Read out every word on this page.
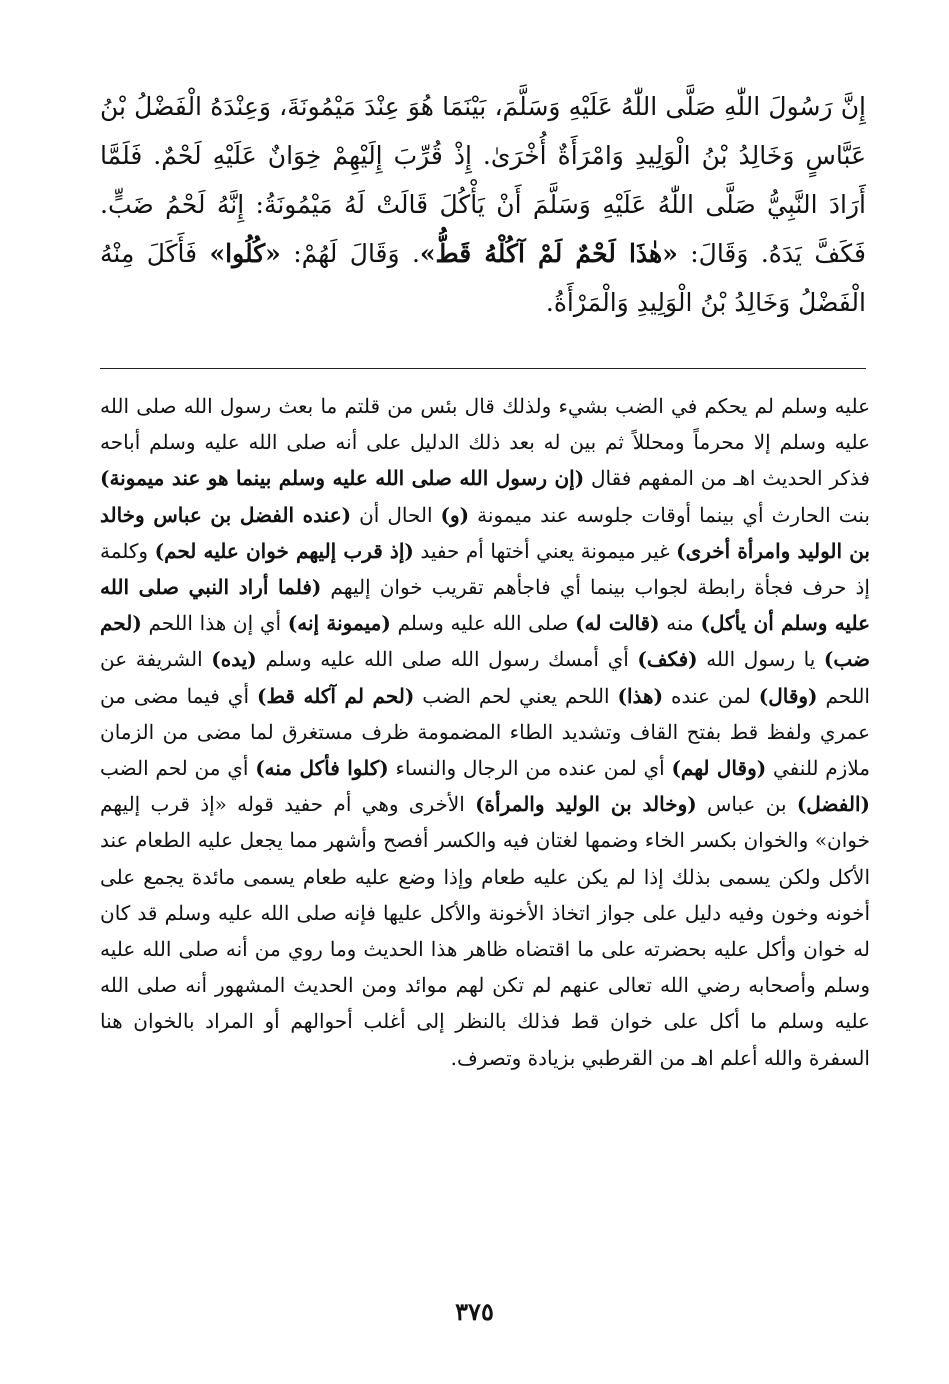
إِنَّ رَسُولَ اللّٰهِ صَلَّى اللّٰهُ عَلَيْهِ وَسَلَّمَ، بَيْنَمَا هُوَ عِنْدَ مَيْمُونَةَ، وَعِنْدَهُ الْفَضْلُ بْنُ عَبَّاسٍ وَخَالِدُ بْنُ الْوَلِيدِ وَامْرَأَةٌ أُخْرَىٰ. إِذْ قُرِّبَ إِلَيْهِمْ خِوَانٌ عَلَيْهِ لَحْمٌ. فَلَمَّا أَرَادَ النَّبِيُّ صَلَّى اللّٰهُ عَلَيْهِ وَسَلَّمَ أَنْ يَأْكُلَ قَالَتْ لَهُ مَيْمُونَةُ: إِنَّهُ لَحْمُ ضَبٍّ. فَكَفَّ يَدَهُ. وَقَالَ: «هٰذَا لَحْمٌ لَمْ آكُلْهُ قَطُّ». وَقَالَ لَهُمْ: «كُلُوا» فَأَكَلَ مِنْهُ الْفَضْلُ وَخَالِدُ بْنُ الْوَلِيدِ وَالْمَرْأَةُ.
عليه وسلم لم يحكم في الضب بشيء ولذلك قال بئس من قلتم ما بعث رسول الله صلى الله عليه وسلم إلا محرماً ومحللاً ثم بين له بعد ذلك الدليل على أنه صلى الله عليه وسلم أباحه فذكر الحديث اهـ من المفهم فقال (إن رسول الله صلى الله عليه وسلم بينما هو عند ميمونة) بنت الحارث أي بينما أوقات جلوسه عند ميمونة (و) الحال أن (عنده الفضل بن عباس وخالد بن الوليد وامرأة أخرى) غير ميمونة يعني أختها أم حفيد (إذ قرب إليهم خوان عليه لحم) وكلمة إذ حرف فجأة رابطة لجواب بينما أي فاجأهم تقريب خوان إليهم (فلما أراد النبي صلى الله عليه وسلم أن يأكل) منه (قالت له) صلى الله عليه وسلم (ميمونة إنه) أي إن هذا اللحم (لحم ضب) يا رسول الله (فكف) أي أمسك رسول الله صلى الله عليه وسلم (يده) الشريفة عن اللحم (وقال) لمن عنده (هذا) اللحم يعني لحم الضب (لحم لم آكله قط) أي فيما مضى من عمري ولفظ قط بفتح القاف وتشديد الطاء المضمومة ظرف مستغرق لما مضى من الزمان ملازم للنفي (وقال لهم) أي لمن عنده من الرجال والنساء (كلوا فأكل منه) أي من لحم الضب (الفضل) بن عباس (وخالد بن الوليد والمرأة) الأخرى وهي أم حفيد قوله «إذ قرب إليهم خوان» والخوان بكسر الخاء وضمها لغتان فيه والكسر أفصح وأشهر مما يجعل عليه الطعام عند الأكل ولكن يسمى بذلك إذا لم يكن عليه طعام وإذا وضع عليه طعام يسمى مائدة يجمع على أخونه وخون وفيه دليل على جواز اتخاذ الأخونة والأكل عليها فإنه صلى الله عليه وسلم قد كان له خوان وأكل عليه بحضرته على ما اقتضاه ظاهر هذا الحديث وما روي من أنه صلى الله عليه وسلم وأصحابه رضي الله تعالى عنهم لم تكن لهم موائد ومن الحديث المشهور أنه صلى الله عليه وسلم ما أكل على خوان قط فذلك بالنظر إلى أغلب أحوالهم أو المراد بالخوان هنا السفرة والله أعلم اهـ من القرطبي بزيادة وتصرف.
٣٧٥
